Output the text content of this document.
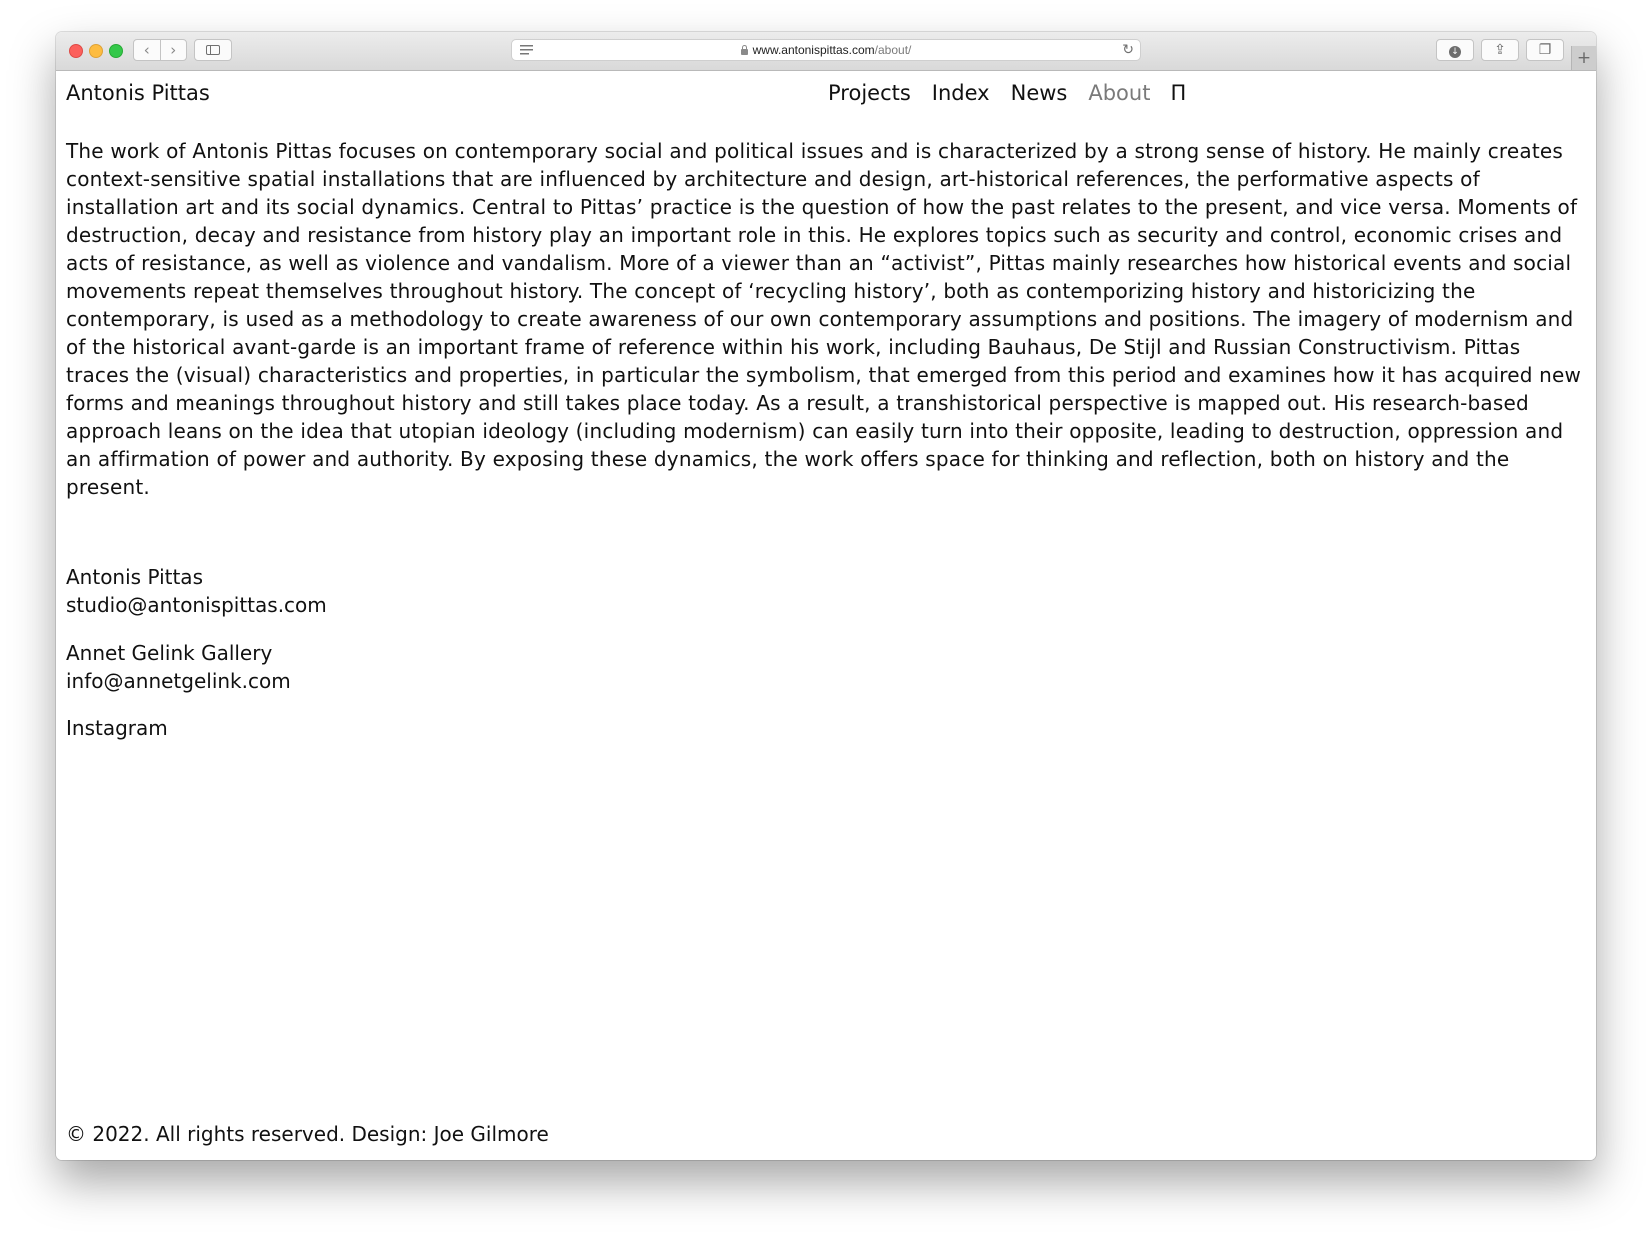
‹	›	www.antonispittas.com/about/	↻	↓	⇪	❐	+
Antonis Pittas	Projects Index News About Π

The work of Antonis Pittas focuses on contemporary social and political issues and is characterized by a strong sense of history. He mainly creates context-sensitive spatial installations that are influenced by architecture and design, art-historical references, the performative aspects of installation art and its social dynamics. Central to Pittas’ practice is the question of how the past relates to the present, and vice versa. Moments of destruction, decay and resistance from history play an important role in this. He explores topics such as security and control, economic crises and acts of resistance, as well as violence and vandalism. More of a viewer than an “activist”, Pittas mainly researches how historical events and social movements repeat themselves throughout history. The concept of ‘recycling history’, both as contemporizing history and historicizing the contemporary, is used as a methodology to create awareness of our own contemporary assumptions and positions. The imagery of modernism and of the historical avant-garde is an important frame of reference within his work, including Bauhaus, De Stijl and Russian Constructivism. Pittas traces the (visual) characteristics and properties, in particular the symbolism, that emerged from this period and examines how it has acquired new forms and meanings throughout history and still takes place today. As a result, a transhistorical perspective is mapped out. His research-based approach leans on the idea that utopian ideology (including modernism) can easily turn into their opposite, leading to destruction, oppression and an affirmation of power and authority. By exposing these dynamics, the work offers space for thinking and reflection, both on history and the present.

Antonis Pittas
studio@antonispittas.com
Annet Gelink Gallery
info@annetgelink.com
Instagram
© 2022. All rights reserved. Design: Joe Gilmore
